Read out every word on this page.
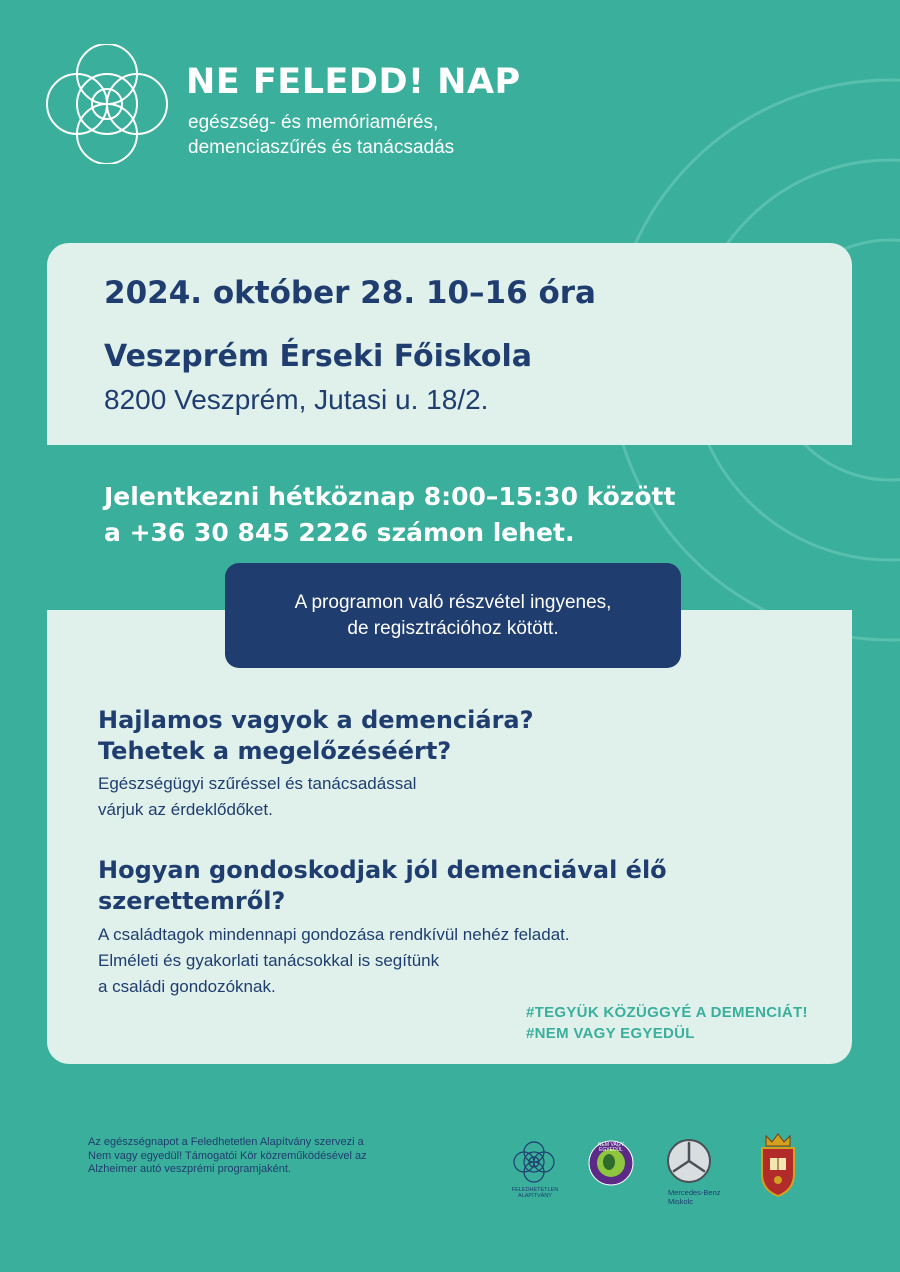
NE FELEDD! NAP
egészség- és memóriamérés,
demenciaszűrés és tanácsadás
2024. október 28. 10–16 óra
Veszprém Érseki Főiskola
8200 Veszprém, Jutasi u. 18/2.
Jelentkezni hétköznap 8:00–15:30 között
a +36 30 845 2226 számon lehet.
A programon való részvétel ingyenes,
de regisztrációhoz kötött.
Hajlamos vagyok a demenciára?
Tehetek a megelőzéséért?
Egészségügyi szűréssel és tanácsadással
várjuk az érdeklődőket.
Hogyan gondoskodjak jól demenciával élő
szerettemről?
A családtagok mindennapi gondozása rendkívül nehéz feladat.
Elméleti és gyakorlati tanácsokkal is segítünk
a családi gondozóknak.
#TEGYÜK KÖZÜGGYÉ A DEMENCIÁT!
#NEM VAGY EGYEDÜL
Az egészségnapot a Feledhetetlen Alapítvány szervezi a Nem vagy egyedül! Támogatói Kör közreműködésével az Alzheimer autó veszprémi programjaként.
FELEDHETETLEN ALAPÍTVÁNY
NEM VAGY EGYEDÜL
Mercedes-Benz
Miskolc
